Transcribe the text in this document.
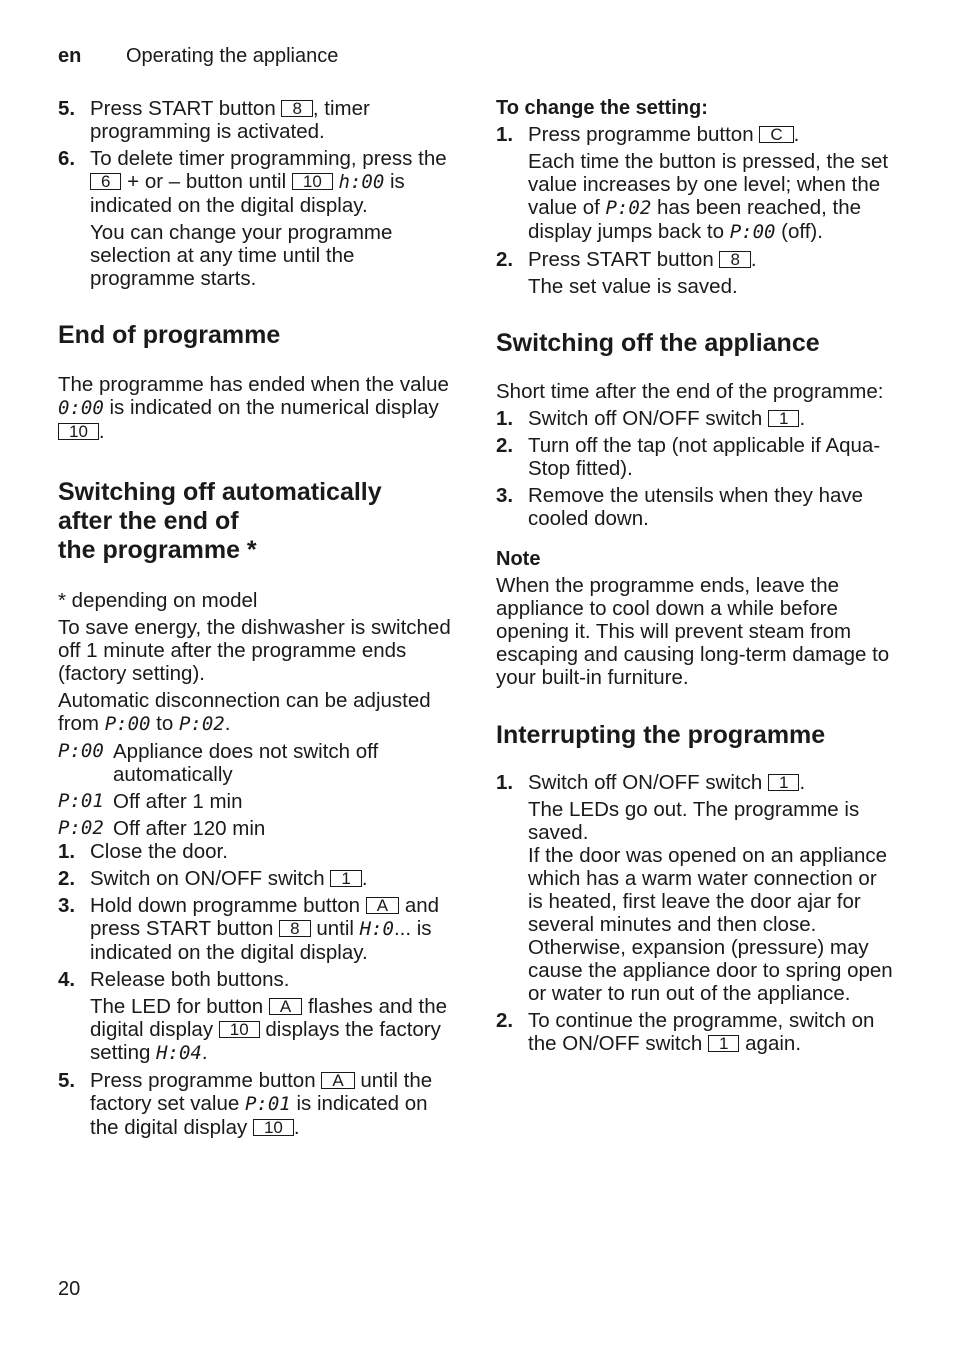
en Operating the appliance
5. Press START button 8 , timer programming is activated.
6. To delete timer programming, press the 6 + or – button until 10 h:00 is indicated on the digital display.
You can change your programme selection at any time until the programme starts.
End of programme
The programme has ended when the value 0:00 is indicated on the numerical display 10 .
Switching off automatically
after the end of
the programme *
* depending on model
To save energy, the dishwasher is switched off 1 minute after the programme ends (factory setting).
Automatic disconnection can be adjusted from P:00 to P:02.
P:00 Appliance does not switch off automatically
P:01 Off after 1 min
P:02 Off after 120 min
1. Close the door.
2. Switch on ON/OFF switch 1 .
3. Hold down programme button A and press START button 8 until H:0... is indicated on the digital display.
4. Release both buttons.
The LED for button A flashes and the digital display 10 displays the factory setting H:04.
5. Press programme button A until the factory set value P:01 is indicated on the digital display 10 .
To change the setting:
1. Press programme button C .
Each time the button is pressed, the set value increases by one level; when the value of P:02 has been reached, the display jumps back to P:00 (off).
2. Press START button 8 .
The set value is saved.
Switching off the appliance
Short time after the end of the programme:
1. Switch off ON/OFF switch 1 .
2. Turn off the tap (not applicable if Aqua-Stop fitted).
3. Remove the utensils when they have cooled down.
Note
When the programme ends, leave the appliance to cool down a while before opening it. This will prevent steam from escaping and causing long-term damage to your built-in furniture.
Interrupting the programme
1. Switch off ON/OFF switch 1 .
The LEDs go out. The programme is saved.
If the door was opened on an appliance which has a warm water connection or is heated, first leave the door ajar for several minutes and then close. Otherwise, expansion (pressure) may cause the appliance door to spring open or water to run out of the appliance.
2. To continue the programme, switch on the ON/OFF switch 1 again.
20
